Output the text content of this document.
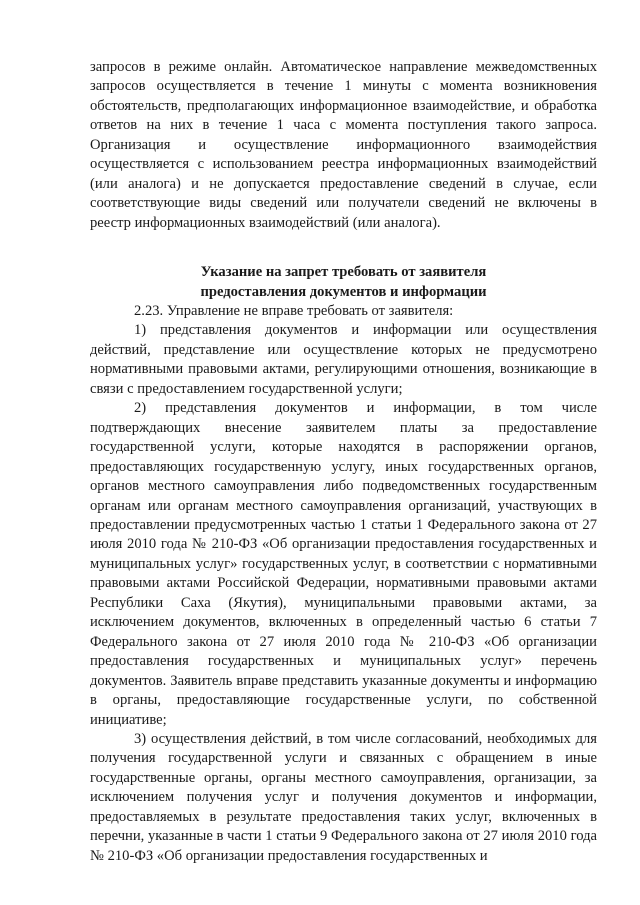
запросов в режиме онлайн. Автоматическое направление межведомственных запросов осуществляется в течение 1 минуты с момента возникновения обстоятельств, предполагающих информационное взаимодействие, и обработка ответов на них в течение 1 часа с момента поступления такого запроса. Организация и осуществление информационного взаимодействия осуществляется с использованием реестра информационных взаимодействий (или аналога) и не допускается предоставление сведений в случае, если соответствующие виды сведений или получатели сведений не включены в реестр информационных взаимодействий (или аналога).

Указание на запрет требовать от заявителя
предоставления документов и информации

2.23. Управление не вправе требовать от заявителя:

1) представления документов и информации или осуществления действий, представление или осуществление которых не предусмотрено нормативными правовыми актами, регулирующими отношения, возникающие в связи с предоставлением государственной услуги;

2) представления документов и информации, в том числе подтверждающих внесение заявителем платы за предоставление государственной услуги, которые находятся в распоряжении органов, предоставляющих государственную услугу, иных государственных органов, органов местного самоуправления либо подведомственных государственным органам или органам местного самоуправления организаций, участвующих в предоставлении предусмотренных частью 1 статьи 1 Федерального закона от 27 июля 2010 года № 210-ФЗ «Об организации предоставления государственных и муниципальных услуг» государственных услуг, в соответствии с нормативными правовыми актами Российской Федерации, нормативными правовыми актами Республики Саха (Якутия), муниципальными правовыми актами, за исключением документов, включенных в определенный частью 6 статьи 7 Федерального закона от 27 июля 2010 года № 210-ФЗ «Об организации предоставления государственных и муниципальных услуг» перечень документов. Заявитель вправе представить указанные документы и информацию в органы, предоставляющие государственные услуги, по собственной инициативе;

3) осуществления действий, в том числе согласований, необходимых для получения государственной услуги и связанных с обращением в иные государственные органы, органы местного самоуправления, организации, за исключением получения услуг и получения документов и информации, предоставляемых в результате предоставления таких услуг, включенных в перечни, указанные в части 1 статьи 9 Федерального закона от 27 июля 2010 года № 210-ФЗ «Об организации предоставления государственных и
